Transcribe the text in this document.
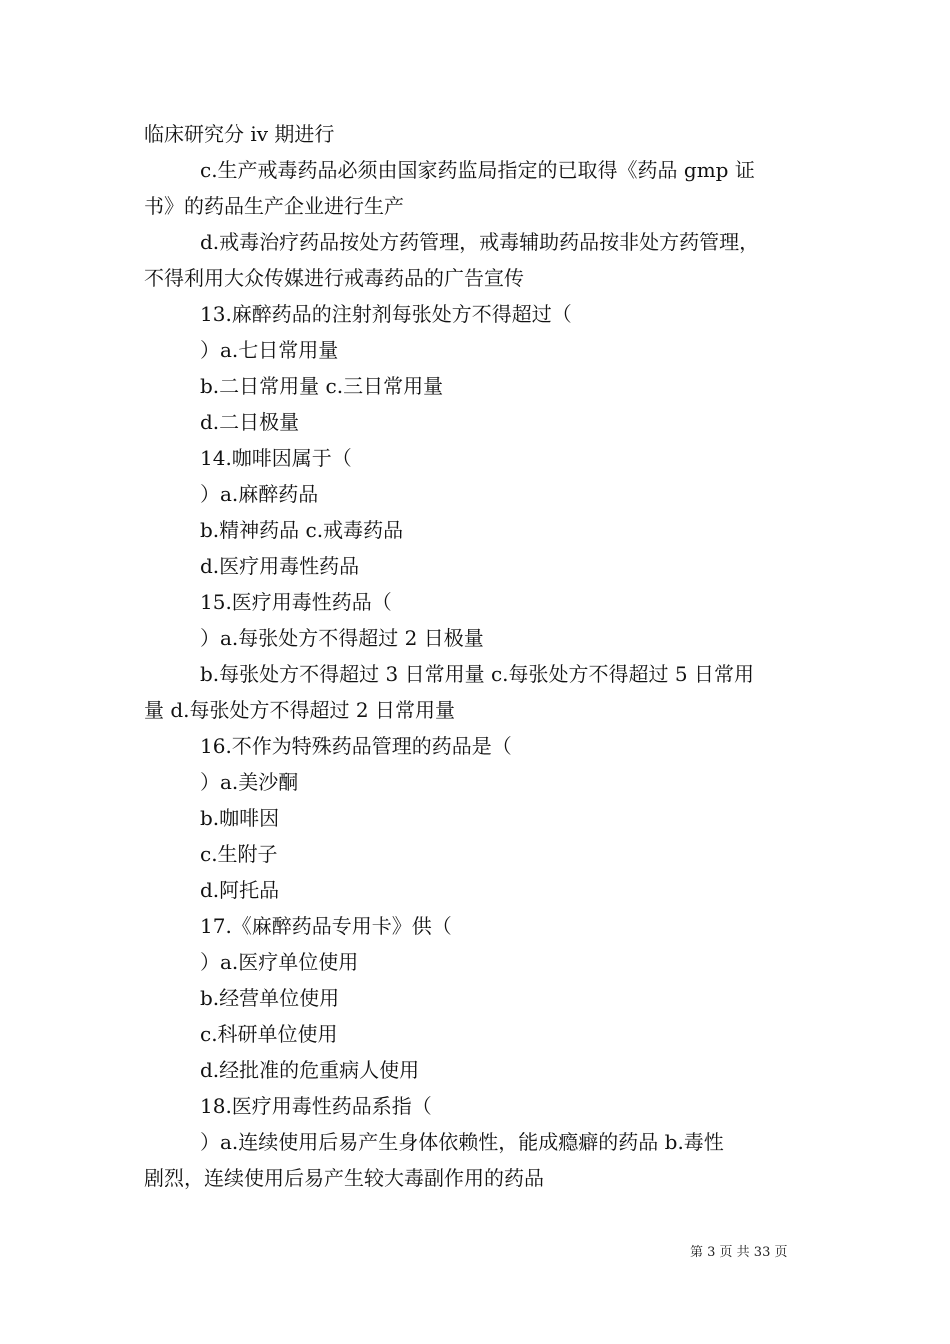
临床研究分 iv 期进行
c.生产戒毒药品必须由国家药监局指定的已取得《药品 gmp 证
书》的药品生产企业进行生产
d.戒毒治疗药品按处方药管理，戒毒辅助药品按非处方药管理，
不得利用大众传媒进行戒毒药品的广告宣传
13.麻醉药品的注射剂每张处方不得超过（
）a.七日常用量
b.二日常用量 c.三日常用量
d.二日极量
14.咖啡因属于（
）a.麻醉药品
b.精神药品 c.戒毒药品
d.医疗用毒性药品
15.医疗用毒性药品（
）a.每张处方不得超过 2 日极量
b.每张处方不得超过 3 日常用量 c.每张处方不得超过 5 日常用
量 d.每张处方不得超过 2 日常用量
16.不作为特殊药品管理的药品是（
）a.美沙酮
b.咖啡因
c.生附子
d.阿托品
17.《麻醉药品专用卡》供（
）a.医疗单位使用
b.经营单位使用
c.科研单位使用
d.经批准的危重病人使用
18.医疗用毒性药品系指（
）a.连续使用后易产生身体依赖性，能成瘾癖的药品 b.毒性
剧烈，连续使用后易产生较大毒副作用的药品
第 3 页 共 33 页
